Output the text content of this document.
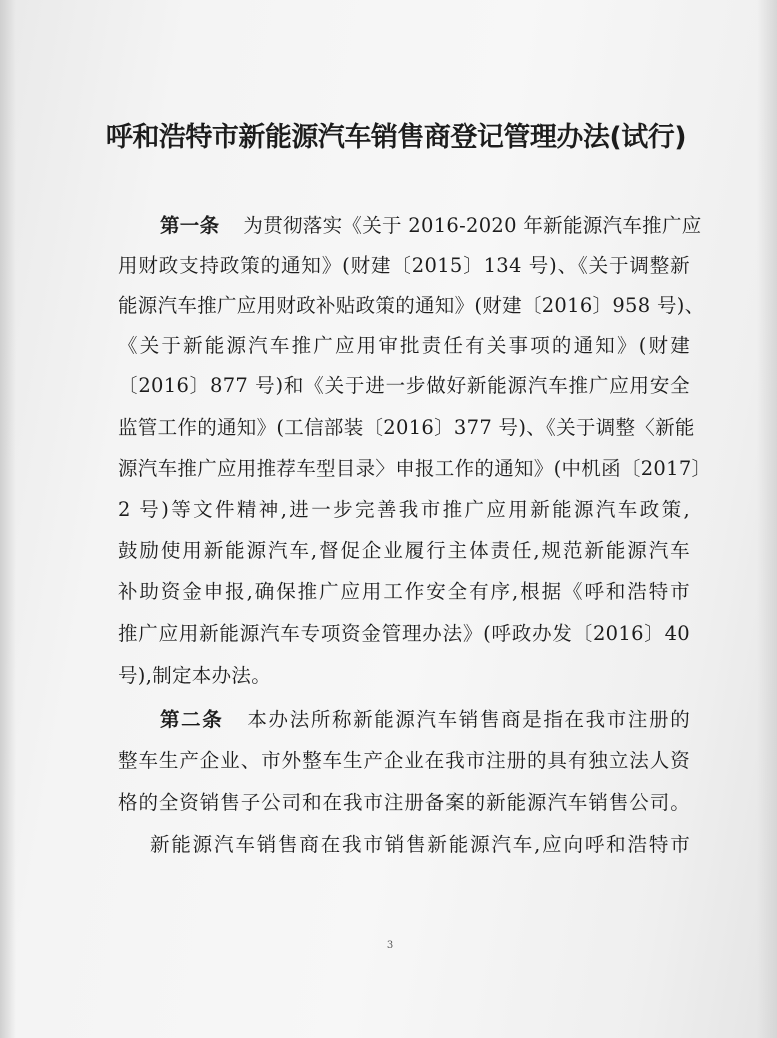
呼和浩特市新能源汽车销售商登记管理办法(试行)
第一条 为贯彻落实《关于 2016-2020 年新能源汽车推广应
用财政支持政策的通知》(财建〔2015〕134 号)、《关于调整新
能源汽车推广应用财政补贴政策的通知》(财建〔2016〕958 号)、
《关于新能源汽车推广应用审批责任有关事项的通知》(财建
〔2016〕877 号)和《关于进一步做好新能源汽车推广应用安全
监管工作的通知》(工信部装〔2016〕377 号)、《关于调整〈新能
源汽车推广应用推荐车型目录〉申报工作的通知》(中机函〔2017〕
2 号)等文件精神,进一步完善我市推广应用新能源汽车政策,
鼓励使用新能源汽车,督促企业履行主体责任,规范新能源汽车
补助资金申报,确保推广应用工作安全有序,根据《呼和浩特市
推广应用新能源汽车专项资金管理办法》(呼政办发〔2016〕40
号),制定本办法。
第二条 本办法所称新能源汽车销售商是指在我市注册的
整车生产企业、市外整车生产企业在我市注册的具有独立法人资
格的全资销售子公司和在我市注册备案的新能源汽车销售公司。
新能源汽车销售商在我市销售新能源汽车,应向呼和浩特市
3
